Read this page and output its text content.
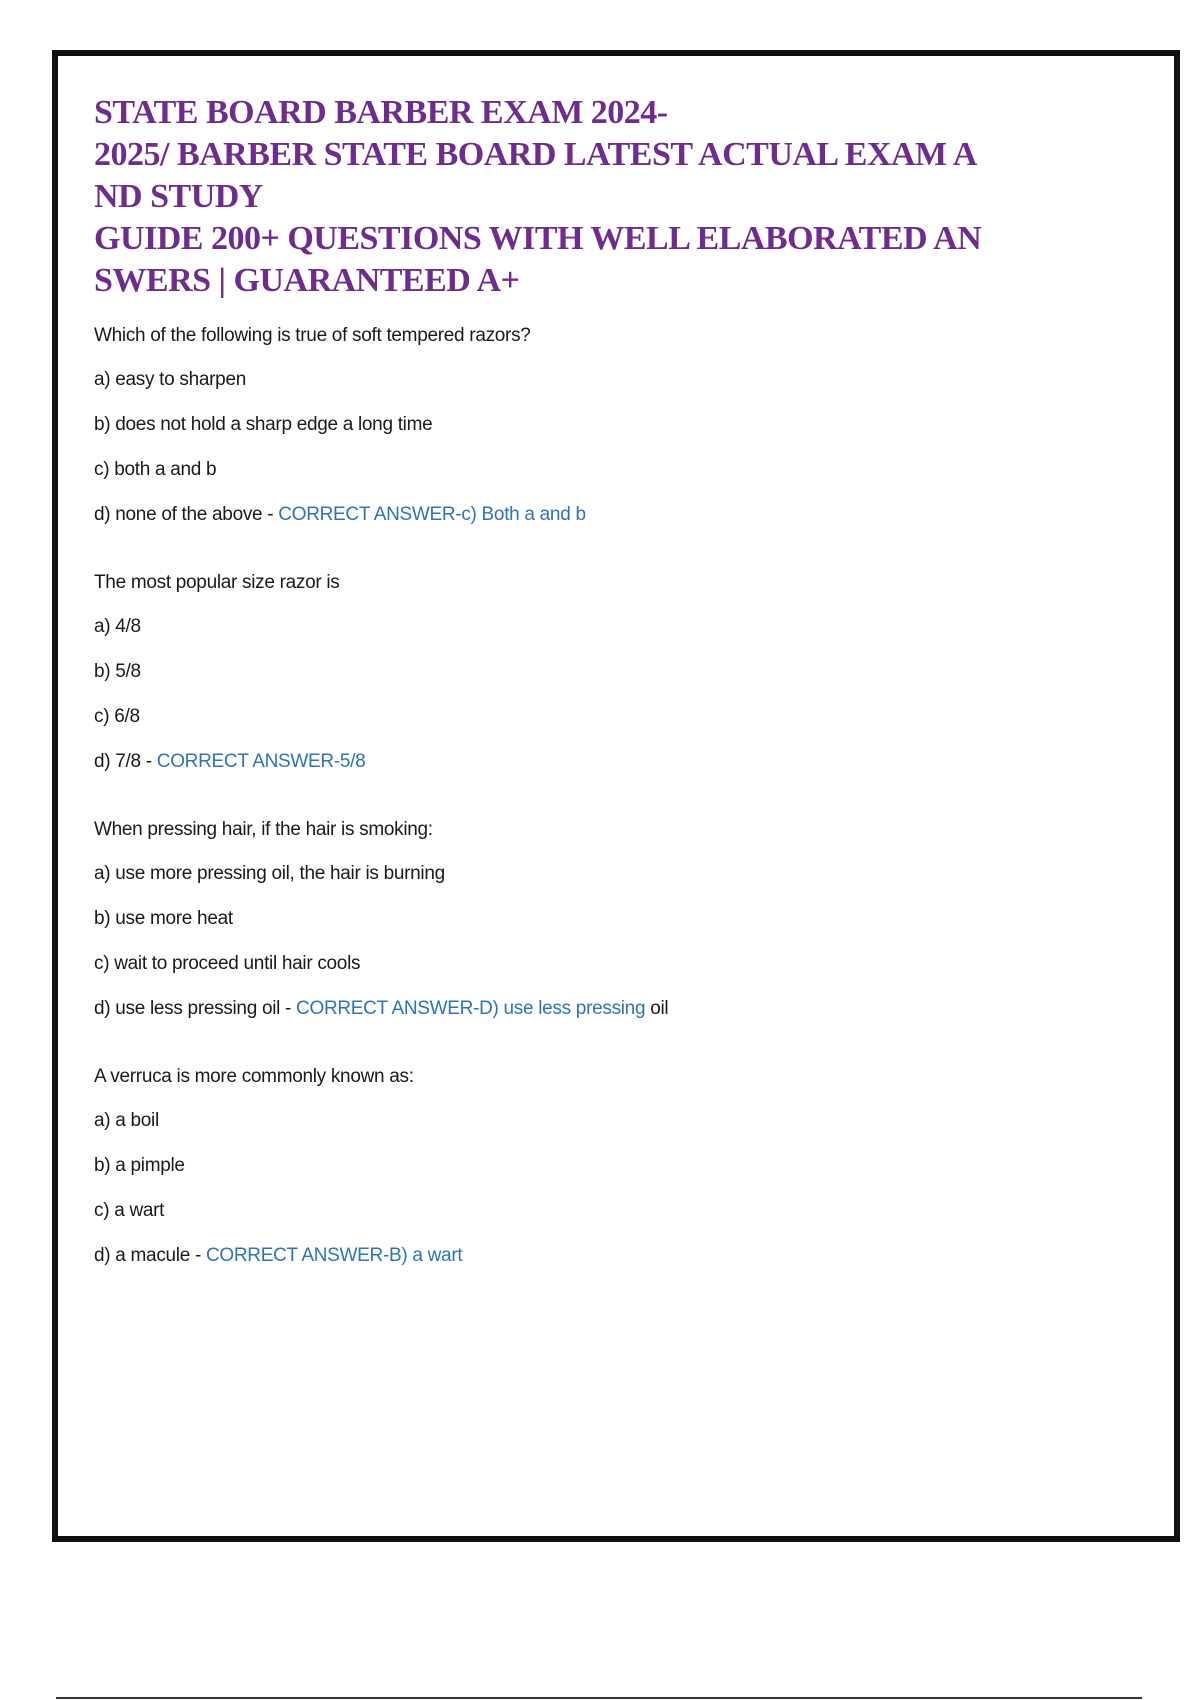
STATE BOARD BARBER EXAM 2024-
2025/ BARBER STATE BOARD LATEST ACTUAL EXAM A
ND STUDY
GUIDE 200+ QUESTIONS WITH WELL ELABORATED AN
SWERS | GUARANTEED A+
Which of the following is true of soft tempered razors?
a) easy to sharpen
b) does not hold a sharp edge a long time
c) both a and b
d) none of the above - CORRECT ANSWER-c) Both a and b
The most popular size razor is
a) 4/8
b) 5/8
c) 6/8
d) 7/8 - CORRECT ANSWER-5/8
When pressing hair, if the hair is smoking:
a) use more pressing oil, the hair is burning
b) use more heat
c) wait to proceed until hair cools
d) use less pressing oil - CORRECT ANSWER-D) use less pressing oil
A verruca is more commonly known as:
a) a boil
b) a pimple
c) a wart
d) a macule - CORRECT ANSWER-B) a wart
